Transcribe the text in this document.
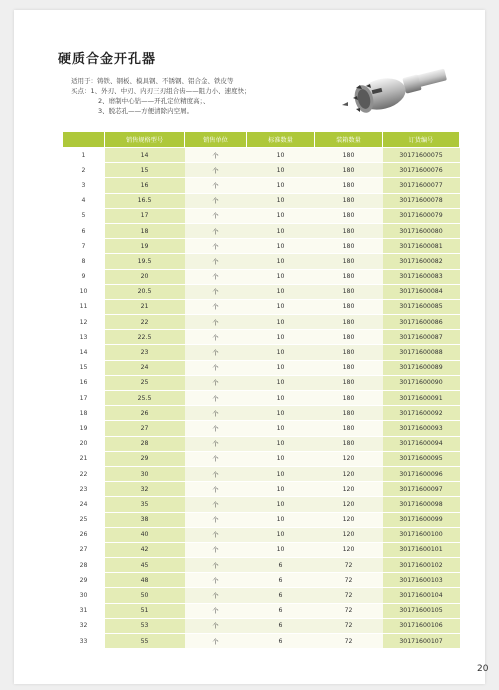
硬质合金开孔器
适用于：铸铁、钢板、模具钢、不锈钢、铝合金、铁皮等
买点：1、外刃、中刃、内刃三刃组合齿——阻力小、速度快；
2、磨制中心钻——开孔定位精度高；、
3、脱芯孔——方便清除内空屑。
	销售规格型号	销售单位	标准数量	装箱数量	订货编号
1	14	个	10	180	30171600075
2	15	个	10	180	30171600076
3	16	个	10	180	30171600077
4	16.5	个	10	180	30171600078
5	17	个	10	180	30171600079
6	18	个	10	180	30171600080
7	19	个	10	180	30171600081
8	19.5	个	10	180	30171600082
9	20	个	10	180	30171600083
10	20.5	个	10	180	30171600084
11	21	个	10	180	30171600085
12	22	个	10	180	30171600086
13	22.5	个	10	180	30171600087
14	23	个	10	180	30171600088
15	24	个	10	180	30171600089
16	25	个	10	180	30171600090
17	25.5	个	10	180	30171600091
18	26	个	10	180	30171600092
19	27	个	10	180	30171600093
20	28	个	10	180	30171600094
21	29	个	10	120	30171600095
22	30	个	10	120	30171600096
23	32	个	10	120	30171600097
24	35	个	10	120	30171600098
25	38	个	10	120	30171600099
26	40	个	10	120	30171600100
27	42	个	10	120	30171600101
28	45	个	6	72	30171600102
29	48	个	6	72	30171600103
30	50	个	6	72	30171600104
31	51	个	6	72	30171600105
32	53	个	6	72	30171600106
33	55	个	6	72	30171600107
20
